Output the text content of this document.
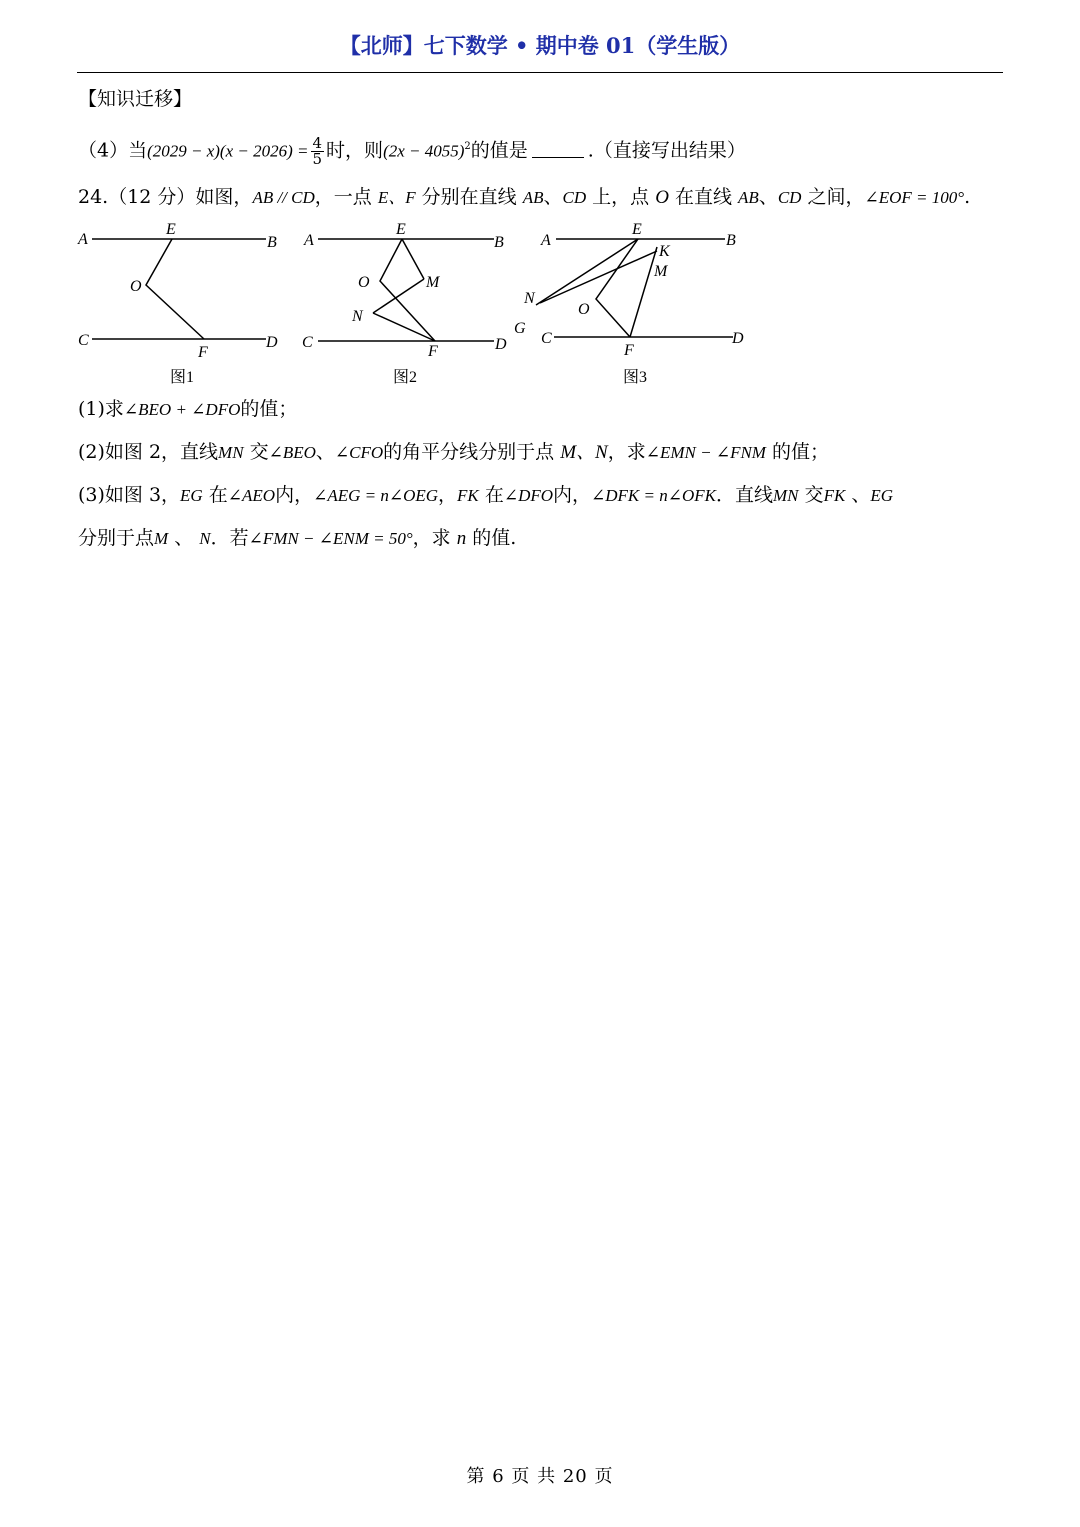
【北师】七下数学 • 期中卷 01（学生版）
【知识迁移】
（4）当$(2029 - x)(x - 2026) = \frac{4}{5}$ 时，则$(2x - 4055)^2$的值是	.（直接写出结果）
24.（12 分）如图，AB // CD，一点 E、F 分别在直线 AB、CD 上，点 O 在直线 AB、CD 之间，∠EOF = 100°.
A	B
E
O
C	D
F
图1
A	B
E
O	M
N
C	D
F
图2
A	B
E
K
M
N
O
G
C	D
F
图3
(1)求∠BEO + ∠DFO的值；
(2)如图 2，直线MN 交∠BEO、∠CFO的角平分线分别于点 M、N，求∠EMN − ∠FNM 的值；
(3)如图 3，EG 在∠AEO内，∠AEG = n∠OEG，FK 在∠DFO内，∠DFK = n∠OFK．直线MN 交FK 、EG
分别于点M 、 N．若∠FMN − ∠ENM = 50°，求 n 的值.
第 6 页 共 20 页
